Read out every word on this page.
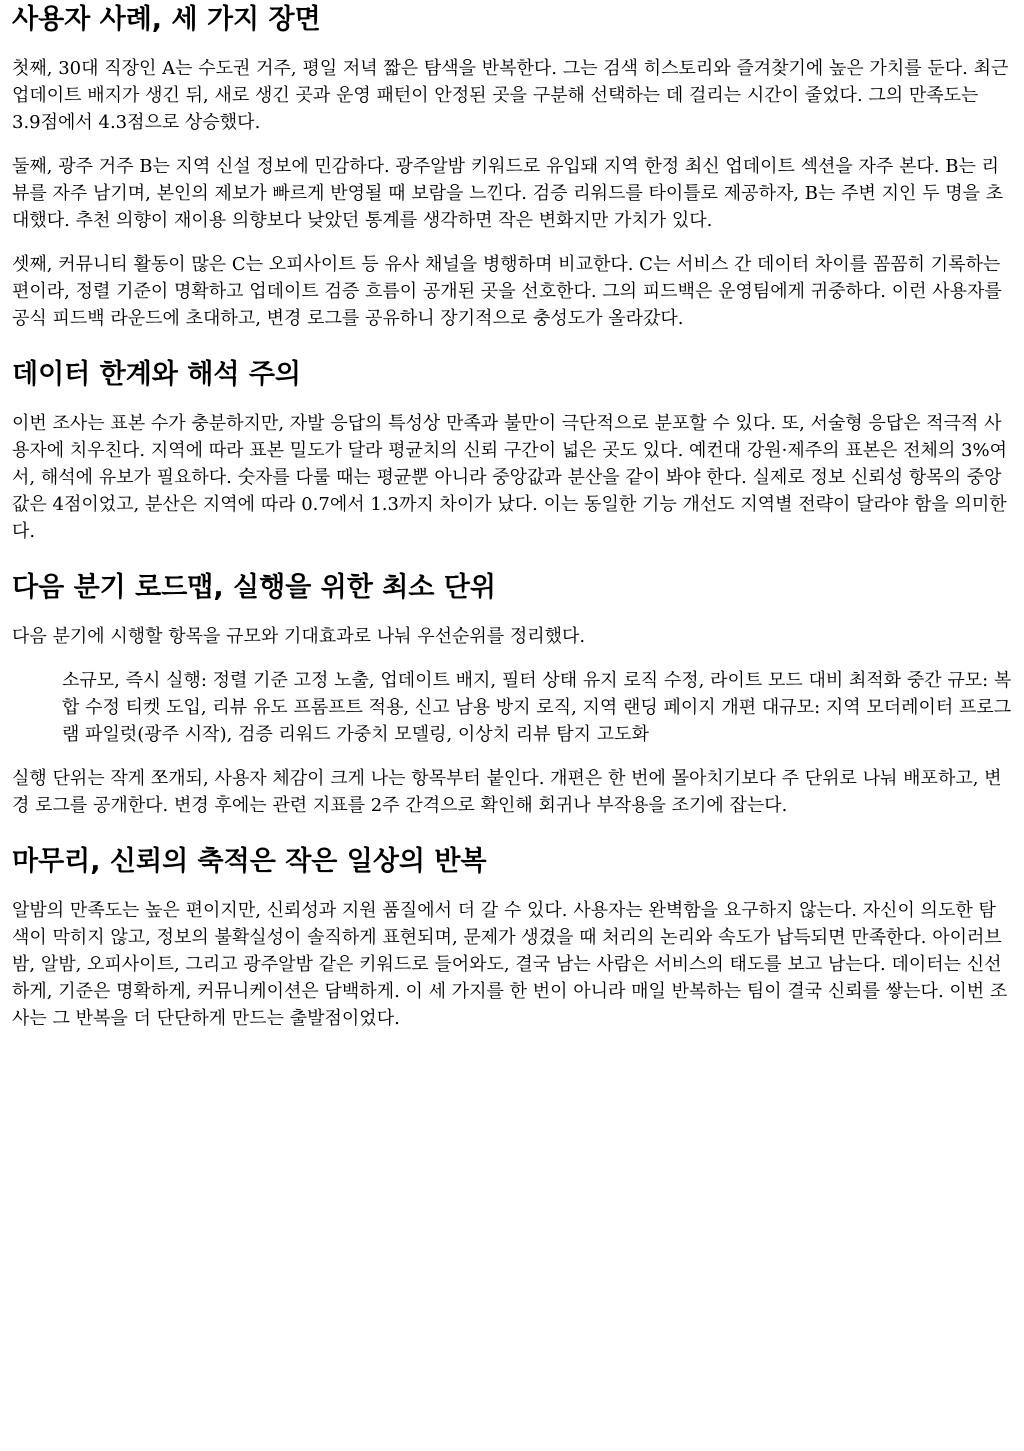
사용자 사례, 세 가지 장면

첫째, 30대 직장인 A는 수도권 거주, 평일 저녁 짧은 탐색을 반복한다. 그는 검색 히스토리와 즐겨찾기에 높은 가치를 둔다. 최근 업데이트 배지가 생긴 뒤, 새로 생긴 곳과 운영 패턴이 안정된 곳을 구분해 선택하는 데 걸리는 시간이 줄었다. 그의 만족도는 3.9점에서 4.3점으로 상승했다.

둘째, 광주 거주 B는 지역 신설 정보에 민감하다. 광주알밤 키워드로 유입돼 지역 한정 최신 업데이트 섹션을 자주 본다. B는 리뷰를 자주 남기며, 본인의 제보가 빠르게 반영될 때 보람을 느낀다. 검증 리워드를 타이틀로 제공하자, B는 주변 지인 두 명을 초대했다. 추천 의향이 재이용 의향보다 낮았던 통계를 생각하면 작은 변화지만 가치가 있다.

셋째, 커뮤니티 활동이 많은 C는 오피사이트 등 유사 채널을 병행하며 비교한다. C는 서비스 간 데이터 차이를 꼼꼼히 기록하는 편이라, 정렬 기준이 명확하고 업데이트 검증 흐름이 공개된 곳을 선호한다. 그의 피드백은 운영팀에게 귀중하다. 이런 사용자를 공식 피드백 라운드에 초대하고, 변경 로그를 공유하니 장기적으로 충성도가 올라갔다.

데이터 한계와 해석 주의

이번 조사는 표본 수가 충분하지만, 자발 응답의 특성상 만족과 불만이 극단적으로 분포할 수 있다. 또, 서술형 응답은 적극적 사용자에 치우친다. 지역에 따라 표본 밀도가 달라 평균치의 신뢰 구간이 넓은 곳도 있다. 예컨대 강원·제주의 표본은 전체의 3%여서, 해석에 유보가 필요하다. 숫자를 다룰 때는 평균뿐 아니라 중앙값과 분산을 같이 봐야 한다. 실제로 정보 신뢰성 항목의 중앙값은 4점이었고, 분산은 지역에 따라 0.7에서 1.3까지 차이가 났다. 이는 동일한 기능 개선도 지역별 전략이 달라야 함을 의미한다.

다음 분기 로드맵, 실행을 위한 최소 단위

다음 분기에 시행할 항목을 규모와 기대효과로 나눠 우선순위를 정리했다.

소규모, 즉시 실행: 정렬 기준 고정 노출, 업데이트 배지, 필터 상태 유지 로직 수정, 라이트 모드 대비 최적화 중간 규모: 복합 수정 티켓 도입, 리뷰 유도 프롬프트 적용, 신고 남용 방지 로직, 지역 랜딩 페이지 개편 대규모: 지역 모더레이터 프로그램 파일럿(광주 시작), 검증 리워드 가중치 모델링, 이상치 리뷰 탐지 고도화

실행 단위는 작게 쪼개되, 사용자 체감이 크게 나는 항목부터 붙인다. 개편은 한 번에 몰아치기보다 주 단위로 나눠 배포하고, 변경 로그를 공개한다. 변경 후에는 관련 지표를 2주 간격으로 확인해 회귀나 부작용을 조기에 잡는다.

마무리, 신뢰의 축적은 작은 일상의 반복

알밤의 만족도는 높은 편이지만, 신뢰성과 지원 품질에서 더 갈 수 있다. 사용자는 완벽함을 요구하지 않는다. 자신이 의도한 탐색이 막히지 않고, 정보의 불확실성이 솔직하게 표현되며, 문제가 생겼을 때 처리의 논리와 속도가 납득되면 만족한다. 아이러브밤, 알밤, 오피사이트, 그리고 광주알밤 같은 키워드로 들어와도, 결국 남는 사람은 서비스의 태도를 보고 남는다. 데이터는 신선하게, 기준은 명확하게, 커뮤니케이션은 담백하게. 이 세 가지를 한 번이 아니라 매일 반복하는 팀이 결국 신뢰를 쌓는다. 이번 조사는 그 반복을 더 단단하게 만드는 출발점이었다.
